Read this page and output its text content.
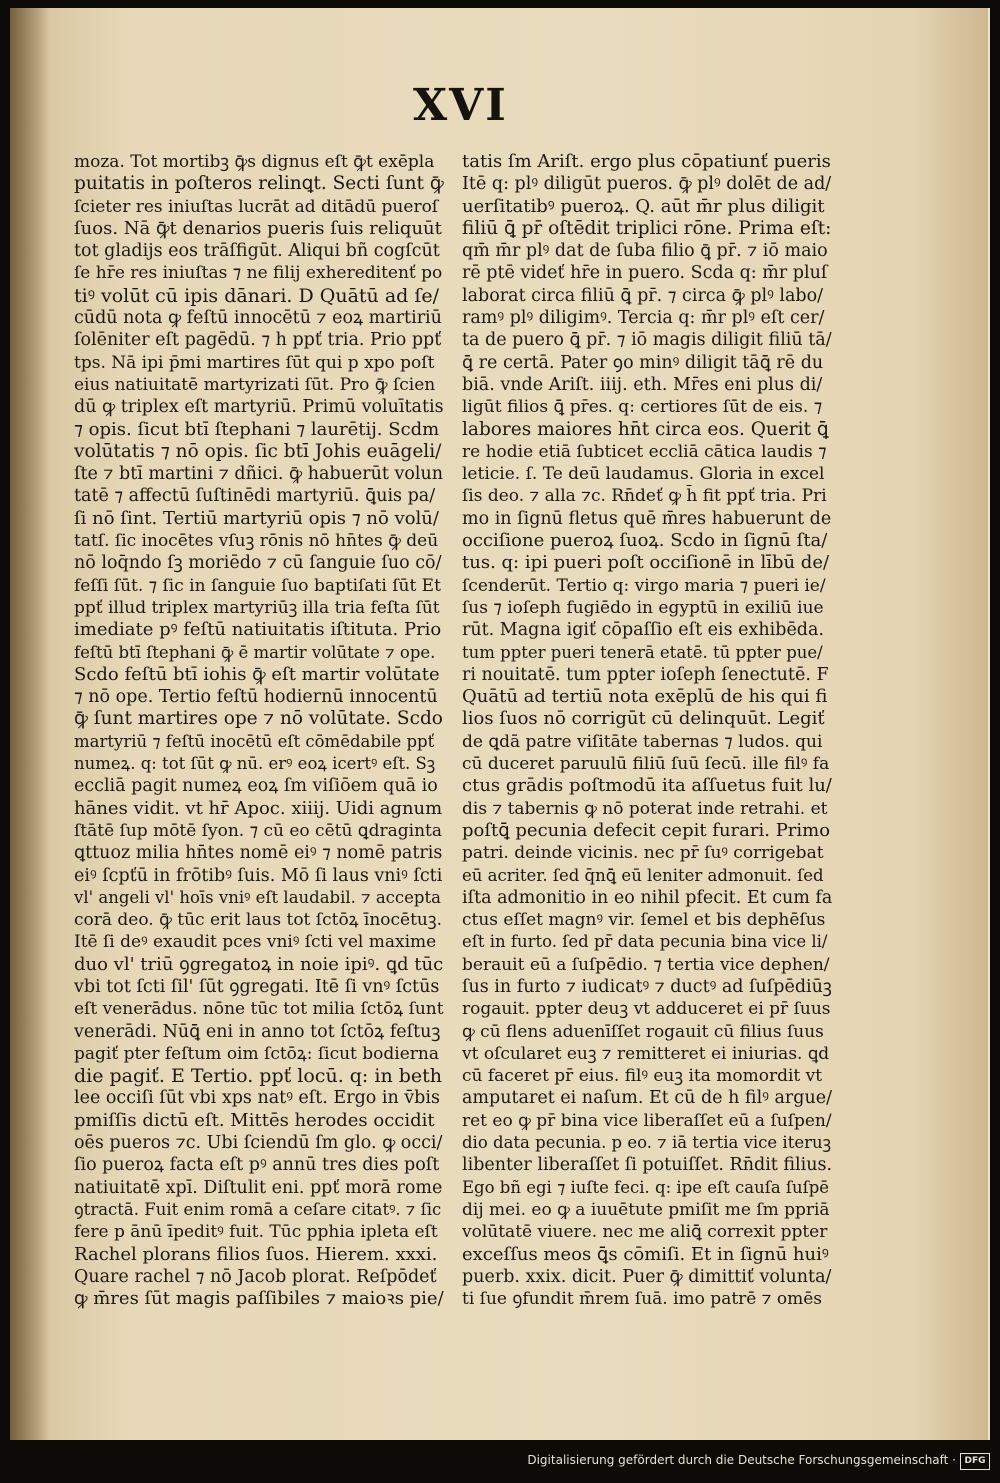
XVI
moza. Tot mortibꝫ ꝙ̄s dignus eſt ꝙ̄t exēpla
puitatis in poſteros relinꝗt. Secti ſunt ꝙ̄
ſcieter res iniuſtas lucrāt ad ditādū pueroſ
ſuos. Nā ꝙ̄t denarios pueris ſuis reliquūt
tot gladijs eos trāſfigūt. Aliqui bñ cogſcūt
ſe hr̄e res iniuſtas ⁊ ne filij exhereditenť po
tiꝰ volūt cū ipis dānari. D Quātū ad ſe/
cūdū nota ꝙ feſtū innocētū ⁊ eoꝝ martiriū
ſolēniter eſt pagēdū. ⁊ h̄ ppť tria. Prio ppť
tps. Nā ipi p̄mi martires ſūt qui p xpo poſt
eius natiuitatē martyrizati ſūt. Pro ꝙ̄ ſcien
dū ꝙ triplex eſt martyriū. Primū voluītatis
⁊ opis. ſicut btī ſtephani ⁊ laurētij. Scd̄m
volūtatis ⁊ nō opis. ſic btī Johis euāgeli/
ſte ⁊ btī martini ⁊ dñici. ꝙ̄ habuerūt volun
tatē ⁊ affectū ſuſtinēdi martyriū. ꝗ̄uis pa/
ſi nō ſint. Tertiū martyriū opis ⁊ nō volū/
tatſ. ſic inocētes vſuꝫ rōnis nō hn̄tes ꝙ̄ deū
nō loq̄ndo ſꝫ moriēdo ⁊ cū ſanguie ſuo cō/
feſſi ſūt. ⁊ ſic in ſanguie ſuo baptiſati ſūt Et
ppť illud triplex martyriūꝫ illa tria feſta ſūt
imediate pꝰ feſtū natiuitatis iſtituta. Prio
feſtū btī ſtephani ꝙ̄ ē martir volūtate ⁊ ope.
Scd̄o feſtū btī iohis ꝙ̄ eſt martir volūtate
⁊ nō ope. Tertio feſtū hodiernū innocentū
ꝙ̄ ſunt martires ope ⁊ nō volūtate. Scd̄o
martyriū ⁊ feſtū inocētū eſt cōmēdabile ppť
numeꝝ. q: tot ſūt ꝙ nū. erꝰ eoꝝ icertꝰ eſt. Sꝫ
eccliā pagit numeꝝ eoꝝ ſm viſiōem quā io
hānes vidit. vt hr̄ Apoc. xiiij. Uidi agnum
ſtātē ſup mōtē ſyon. ⁊ cū eo cētū ꝗdraginta
ꝗttuoz milia hn̄tes nomē eiꝰ ⁊ nomē patris
eiꝰ ſcpťū in frōtibꝰ ſuis. Mō ſi laus vniꝰ ſcti
vl' angeli vl' hoīs vniꝰ eſt laudabil. ⁊ accepta
corā deo. ꝙ̄ tūc erit laus tot ſctōꝝ īnocētuꝫ.
Itē ſi deꝰ exaudit pces vniꝰ ſcti vel maxime
duo vl' triū ꝯgregatoꝝ in noie ipiꝰ. ꝗd tūc
vbi tot ſcti ſil' ſūt ꝯgregati. Itē ſi vnꝰ ſctūs
eſt venerādus. nōne tūc tot milia ſctōꝝ ſunt
venerādi. Nūꝗ̄ eni in anno tot ſctōꝝ feſtuꝫ
pagiť pter feſtum oim ſctōꝝ: ſicut bodierna
die pagiť. E Tertio. ppť locū. q: in beth
lee occiſi ſūt vbi xps natꝰ eſt. Ergo in v̄bis
pmiſſis dictū eſt. Mittēs herodes occidit
oēs pueros ⁊c. Ubi ſciendū ſm glo. ꝙ occi/
ſio pueroꝝ facta eſt pꝰ annū tres dies poſt
natiuitatē xpī. Diſtulit eni. ppť morā rome
ꝯtractā. Fuit enim romā a ceſare citatꝰ. ⁊ ſic
fere p ānū īpeditꝰ fuit. Tūc pphia ipleta eſt
Rachel plorans filios ſuos. Hierem. xxxi.
Quare rachel ⁊ nō Jacob plorat. Reſpōdeť
ꝙ m̄res ſūt magis paſſibiles ⁊ maioꝛs pie/
tatis ſm Ariſt. ergo plus cōpatiunť pueris
Itē q: plꝰ diligūt pueros. ꝙ̄ plꝰ dolēt de ad/
uerſitatibꝰ pueroꝝ. Q. aūt m̄r plus diligit
filiū ꝗ̄ pr̄ oſtēdit triplici rōne. Prima eſt:
qm̄ m̄r plꝰ dat de ſuba filio ꝗ̄ pr̄. ⁊ iō maio
rē ptē videť hr̄e in puero. Scd̄a q: m̄r pluſ
laborat circa filiū ꝗ̄ pr̄. ⁊ circa ꝙ̄ plꝰ labo/
ramꝰ plꝰ diligimꝰ. Tercia q: m̄r plꝰ eſt cer/
ta de puero ꝗ̄ pr̄. ⁊ iō magis diligit filiū tā/
ꝗ̄ re certā. Pater ꝯo minꝰ diligit tāꝗ̄ rē du
biā. vnde Ariſt. iiij. eth. Mr̄es eni plus di/
ligūt filios ꝗ̄ pr̄es. q: certiores ſūt de eis. ⁊
labores maiores hn̄t circa eos. Querit ꝗ̄
re hodie etiā ſubticet eccliā cātica laudis ⁊
leticie. ſ. Te deū laudamus. Gloria in excel
ſis deo. ⁊ alla ⁊c. Rn̄deť ꝙ h̄ fit ppť tria. Pri
mo in ſignū fletus quē m̄res habuerunt de
occiſione pueroꝝ ſuoꝝ. Scd̄o in ſignū ſta/
tus. q: ipi pueri poſt occiſionē in lībū de/
ſcenderūt. Tertio q: virgo maria ⁊ pueri ie/
ſus ⁊ ioſeph fugiēdo in egyptū in exiliū iue
rūt. Magna igiť cōpaſſio eſt eis exhibēda.
tum ppter pueri tenerā etatē. tū ppter pue/
ri nouitatē. tum ppter ioſeph ſenectutē. F
Quātū ad tertiū nota exēplū de his qui fi
lios ſuos nō corrigūt cū delinquūt. Legiť
de ꝗdā patre viſitāte tabernas ⁊ ludos. qui
cū duceret paruulū filiū ſuū ſecū. ille filꝰ fa
ctus grādis poſtmodū ita aſſuetus fuit lu/
dis ⁊ tabernis ꝙ nō poterat inde retrahi. et
poſtꝗ̄ pecunia defecit cepit furari. Primo
patri. deinde vicinis. nec pr̄ ſuꝰ corrigebat
eū acriter. ſed q̄nꝗ̄ eū leniter admonuit. ſed
iſta admonitio in eo nihil pfecit. Et cum fa
ctus eſſet magnꝰ vir. ſemel et bis dephēſus
eſt in furto. ſed pr̄ data pecunia bina vice li/
berauit eū a ſuſpēdio. ⁊ tertia vice dephen/
ſus in furto ⁊ iudicatꝰ ⁊ ductꝰ ad ſuſpēdiūꝫ
rogauit. ppter deuꝫ vt adduceret ei pr̄ ſuus
ꝙ cū flens aduenīſſet rogauit cū filius ſuus
vt oſcularet euꝫ ⁊ remitteret ei iniurias. ꝗd
cū faceret pr̄ eius. filꝰ euꝫ ita momordit vt
amputaret ei naſum. Et cū de h̄ filꝰ argue/
ret eo ꝙ pr̄ bina vice liberaſſet eū a ſuſpen/
dio data pecunia. p eo. ⁊ iā tertia vice iteruꝫ
libenter liberaſſet ſi potuiſſet. Rn̄dit filius.
Ego bñ egi ⁊ iuſte feci. q: ipe eſt cauſa ſuſpē
dij mei. eo ꝙ a iuuētute pmiſit me ſm ppriā
volūtatē viuere. nec me aliꝗ̄ correxit ppter
exceſſus meos ꝗ̄s cōmiſi. Et in ſignū huiꝰ
puerb. xxix. dicit. Puer ꝙ̄ dimittiť volunta/
ti ſue ꝯfundit m̄rem ſuā. imo patrē ⁊ omēs
Digitalisierung gefördert durch die Deutsche Forschungsgemeinschaft · DFG
